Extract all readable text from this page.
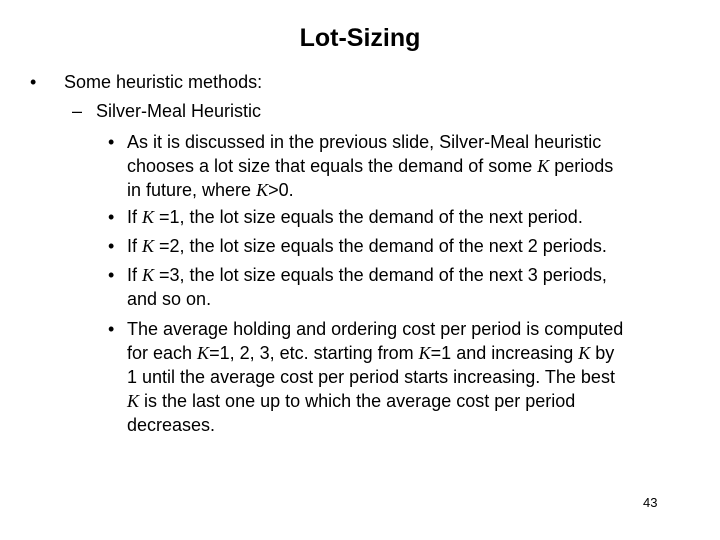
Lot-Sizing
• Some heuristic methods:
– Silver-Meal Heuristic
• As it is discussed in the previous slide, Silver-Meal heuristic
chooses a lot size that equals the demand of some K periods
in future, where K>0.
• If K =1, the lot size equals the demand of the next period.
• If K =2, the lot size equals the demand of the next 2 periods.
• If K =3, the lot size equals the demand of the next 3 periods,
and so on.
• The average holding and ordering cost per period is computed
for each K=1, 2, 3, etc. starting from K=1 and increasing K by
1 until the average cost per period starts increasing. The best
K is the last one up to which the average cost per period
decreases.
43
